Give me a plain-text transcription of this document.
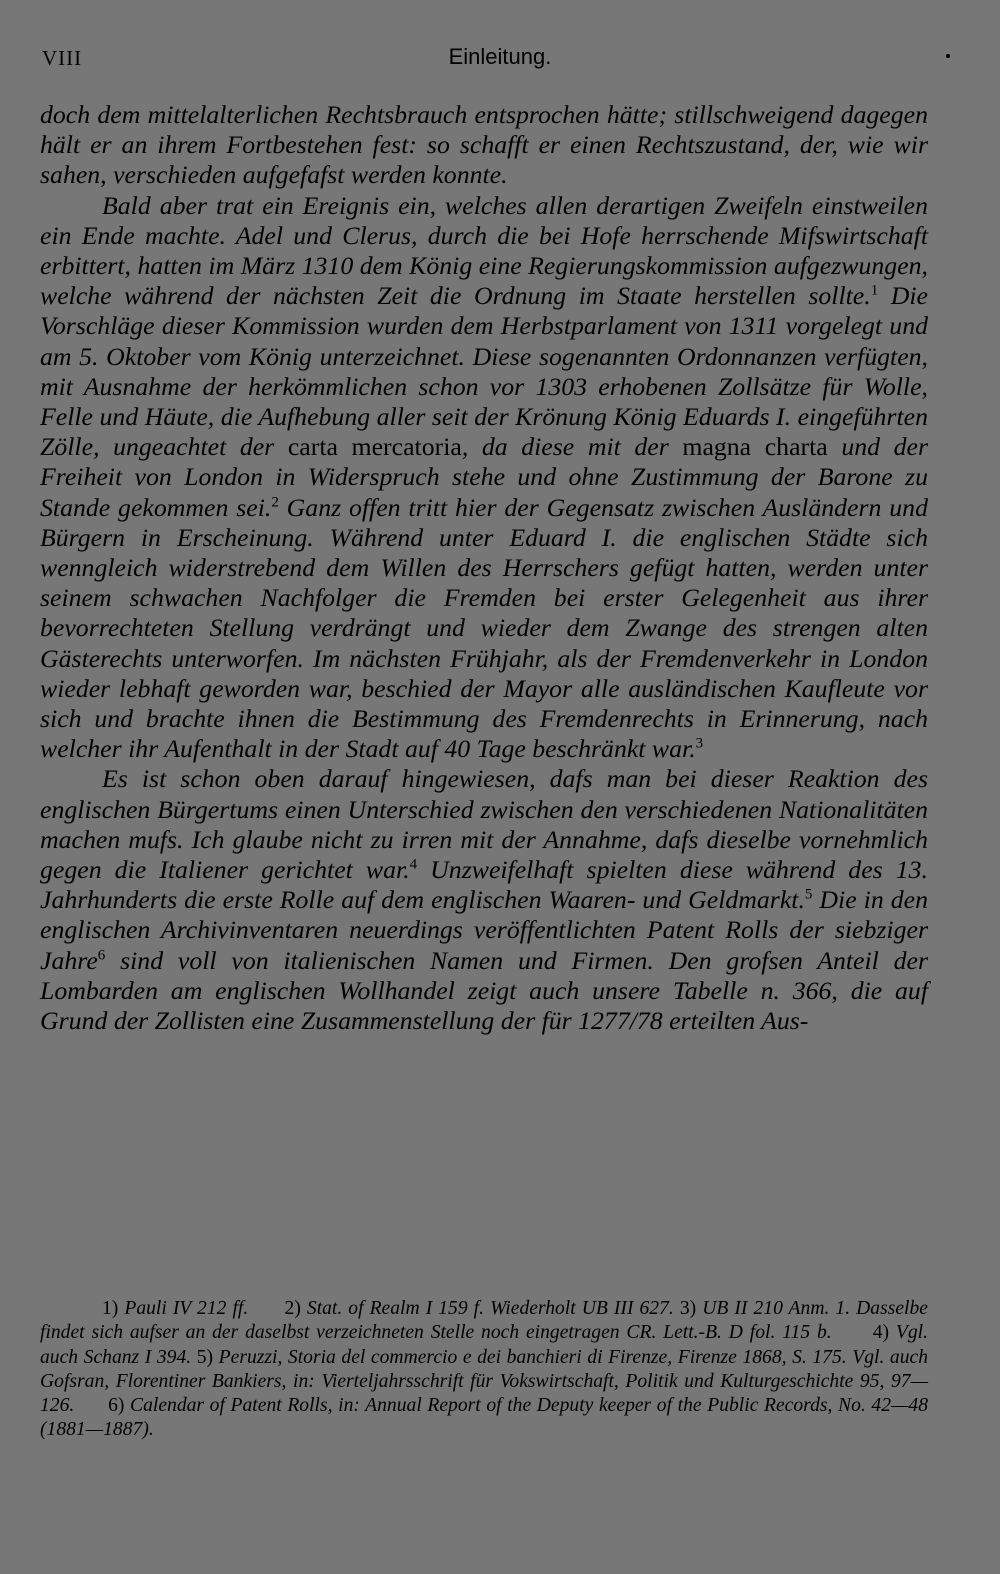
VIII	Einleitung.

doch dem mittelalterlichen Rechtsbrauch entsprochen hätte; stillschweigend dagegen hält er an ihrem Fortbestehen fest: so schafft er einen Rechtszustand, der, wie wir sahen, verschieden aufgefafst werden konnte.

Bald aber trat ein Ereignis ein, welches allen derartigen Zweifeln einstweilen ein Ende machte. Adel und Clerus, durch die bei Hofe herrschende Mifswirtschaft erbittert, hatten im März 1310 dem König eine Regierungskommission aufgezwungen, welche während der nächsten Zeit die Ordnung im Staate herstellen sollte.$^1$ Die Vorschläge dieser Kommission wurden dem Herbstparlament von 1311 vorgelegt und am 5. Oktober vom König unterzeichnet. Diese sogenannten Ordonnanzen verfügten, mit Ausnahme der herkömmlichen schon vor 1303 erhobenen Zollsätze für Wolle, Felle und Häute, die Aufhebung aller seit der Krönung König Eduards I. eingeführten Zölle, ungeachtet der carta mercatoria, da diese mit der magna charta und der Freiheit von London in Widerspruch stehe und ohne Zustimmung der Barone zu Stande gekommen sei.$^2$ Ganz offen tritt hier der Gegensatz zwischen Ausländern und Bürgern in Erscheinung. Während unter Eduard I. die englischen Städte sich wenngleich widerstrebend dem Willen des Herrschers gefügt hatten, werden unter seinem schwachen Nachfolger die Fremden bei erster Gelegenheit aus ihrer bevorrechteten Stellung verdrängt und wieder dem Zwange des strengen alten Gästerechts unterworfen. Im nächsten Frühjahr, als der Fremdenverkehr in London wieder lebhaft geworden war, beschied der Mayor alle ausländischen Kaufleute vor sich und brachte ihnen die Bestimmung des Fremdenrechts in Erinnerung, nach welcher ihr Aufenthalt in der Stadt auf 40 Tage beschränkt war.$^3$

Es ist schon oben darauf hingewiesen, dafs man bei dieser Reaktion des englischen Bürgertums einen Unterschied zwischen den verschiedenen Nationalitäten machen mufs. Ich glaube nicht zu irren mit der Annahme, dafs dieselbe vornehmlich gegen die Italiener gerichtet war.$^4$ Unzweifelhaft spielten diese während des 13. Jahrhunderts die erste Rolle auf dem englischen Waaren- und Geldmarkt.$^5$ Die in den englischen Archivinventaren neuerdings veröffentlichten Patent Rolls der siebziger Jahre$^6$ sind voll von italienischen Namen und Firmen. Den grofsen Anteil der Lombarden am englischen Wollhandel zeigt auch unsere Tabelle n. 366, die auf Grund der Zollisten eine Zusammenstellung der für 1277/78 erteilten Aus-

1) Pauli IV 212 ff. 2) Stat. of Realm I 159 f. Wiederholt UB III 627. 3) UB II 210 Anm. 1. Dasselbe findet sich aufser an der daselbst verzeichneten Stelle noch eingetragen CR. Lett.-B. D fol. 115 b. 4) Vgl. auch Schanz I 394. 5) Peruzzi, Storia del commercio e dei banchieri di Firenze, Firenze 1868, S. 175. Vgl. auch Gofsran, Florentiner Bankiers, in: Vierteljahrsschrift für Vokswirtschaft, Politik und Kulturgeschichte 95, 97—126. 6) Calendar of Patent Rolls, in: Annual Report of the Deputy keeper of the Public Records, No. 42—48 (1881—1887).
